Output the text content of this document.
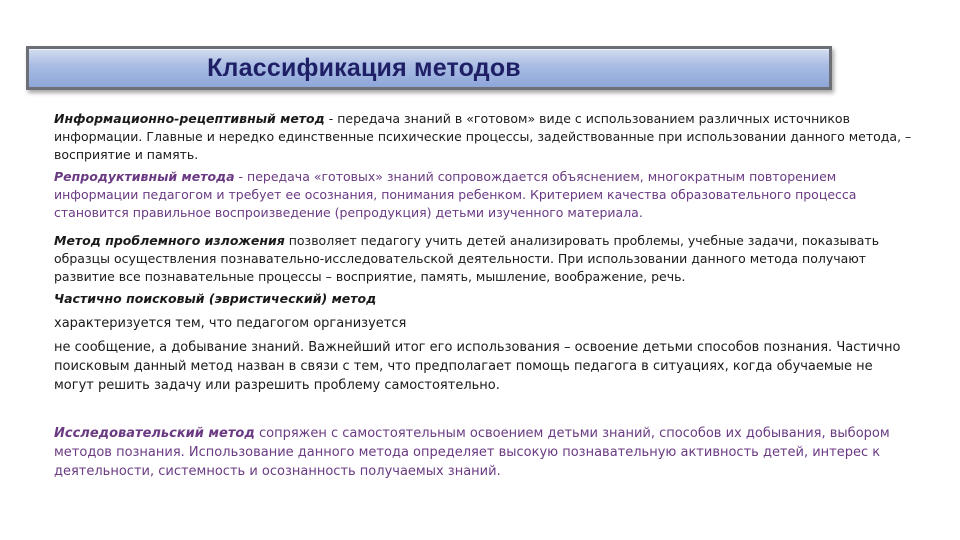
Классификация методов
Информационно-рецептивный метод - передача знаний в «готовом» виде с использованием различных источников информации. Главные и нередко единственные психические процессы, задействованные при использовании данного метода, – восприятие и память.
Репродуктивный метода - передача «готовых» знаний сопровождается объяснением, многократным повторением информации педагогом и требует ее осознания, понимания ребенком. Критерием качества образовательного процесса становится правильное воспроизведение (репродукция) детьми изученного материала.
Метод проблемного изложения позволяет педагогу учить детей анализировать проблемы, учебные задачи, показывать образцы осуществления познавательно-исследовательской деятельности. При использовании данного метода получают развитие все познавательные процессы – восприятие, память, мышление, воображение, речь.
Частично поисковый (эвристический) метод
характеризуется тем, что педагогом организуется
не сообщение, а добывание знаний. Важнейший итог его использования – освоение детьми способов познания. Частично поисковым данный метод назван в связи с тем, что предполагает помощь педагога в ситуациях, когда обучаемые не могут решить задачу или разрешить проблему самостоятельно.
Исследовательский метод сопряжен с самостоятельным освоением детьми знаний, способов их добывания, выбором методов познания. Использование данного метода определяет высокую познавательную активность детей, интерес к деятельности, системность и осознанность получаемых знаний.
